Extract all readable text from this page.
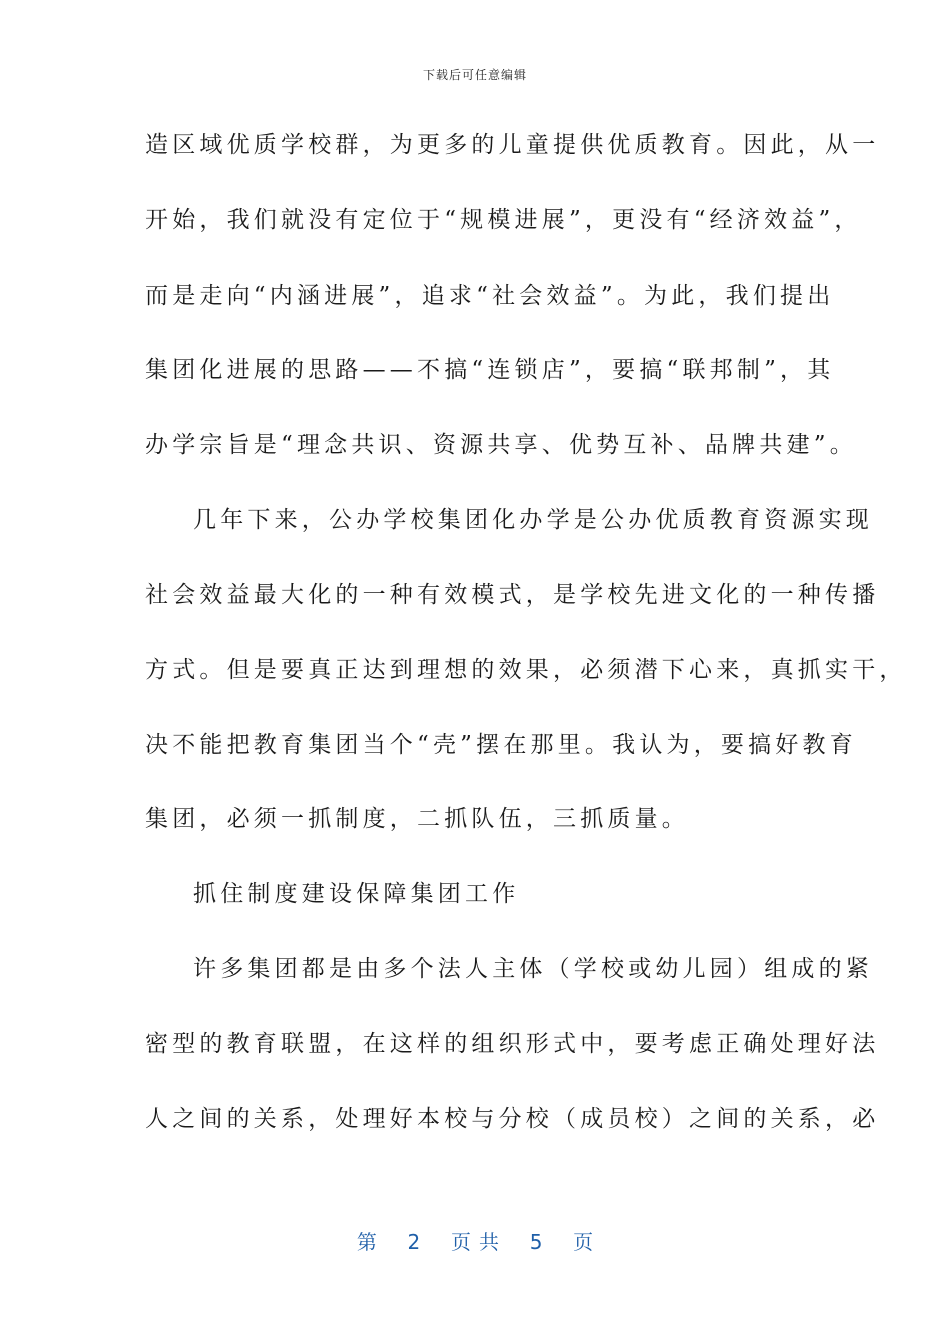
下载后可任意编辑
造区域优质学校群，为更多的儿童提供优质教育。因此，从一
开始，我们就没有定位于“规模进展”，更没有“经济效益”，
而是走向“内涵进展”，追求“社会效益”。为此，我们提出
集团化进展的思路——不搞“连锁店”，要搞“联邦制”，其
办学宗旨是“理念共识、资源共享、优势互补、品牌共建”。
几年下来，公办学校集团化办学是公办优质教育资源实现
社会效益最大化的一种有效模式，是学校先进文化的一种传播
方式。但是要真正达到理想的效果，必须潜下心来，真抓实干，
决不能把教育集团当个“壳”摆在那里。我认为，要搞好教育
集团，必须一抓制度，二抓队伍，三抓质量。
抓住制度建设保障集团工作
许多集团都是由多个法人主体（学校或幼儿园）组成的紧
密型的教育联盟，在这样的组织形式中，要考虑正确处理好法
人之间的关系，处理好本校与分校（成员校）之间的关系，必
第 2 页共 5 页
